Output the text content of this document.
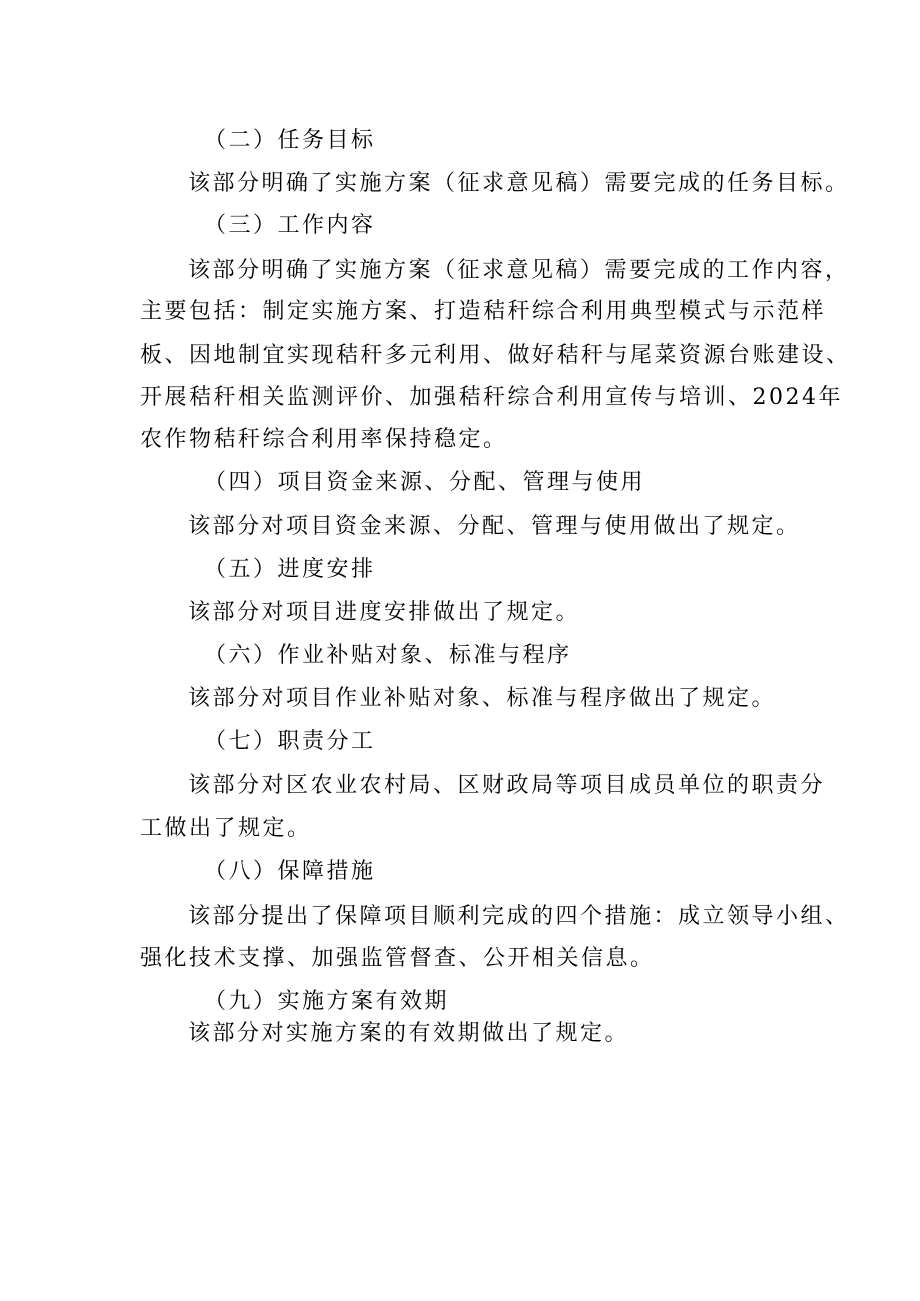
（二）任务目标

该部分明确了实施方案（征求意见稿）需要完成的任务目标。

（三）工作内容

该部分明确了实施方案（征求意见稿）需要完成的工作内容，

主要包括：制定实施方案、打造秸秆综合利用典型模式与示范样

板、因地制宜实现秸秆多元利用、做好秸秆与尾菜资源台账建设、

开展秸秆相关监测评价、加强秸秆综合利用宣传与培训、2024年

农作物秸秆综合利用率保持稳定。

（四）项目资金来源、分配、管理与使用

该部分对项目资金来源、分配、管理与使用做出了规定。

（五）进度安排

该部分对项目进度安排做出了规定。

（六）作业补贴对象、标准与程序

该部分对项目作业补贴对象、标准与程序做出了规定。

（七）职责分工

该部分对区农业农村局、区财政局等项目成员单位的职责分

工做出了规定。

（八）保障措施

该部分提出了保障项目顺利完成的四个措施：成立领导小组、

强化技术支撑、加强监管督查、公开相关信息。

（九）实施方案有效期

该部分对实施方案的有效期做出了规定。
